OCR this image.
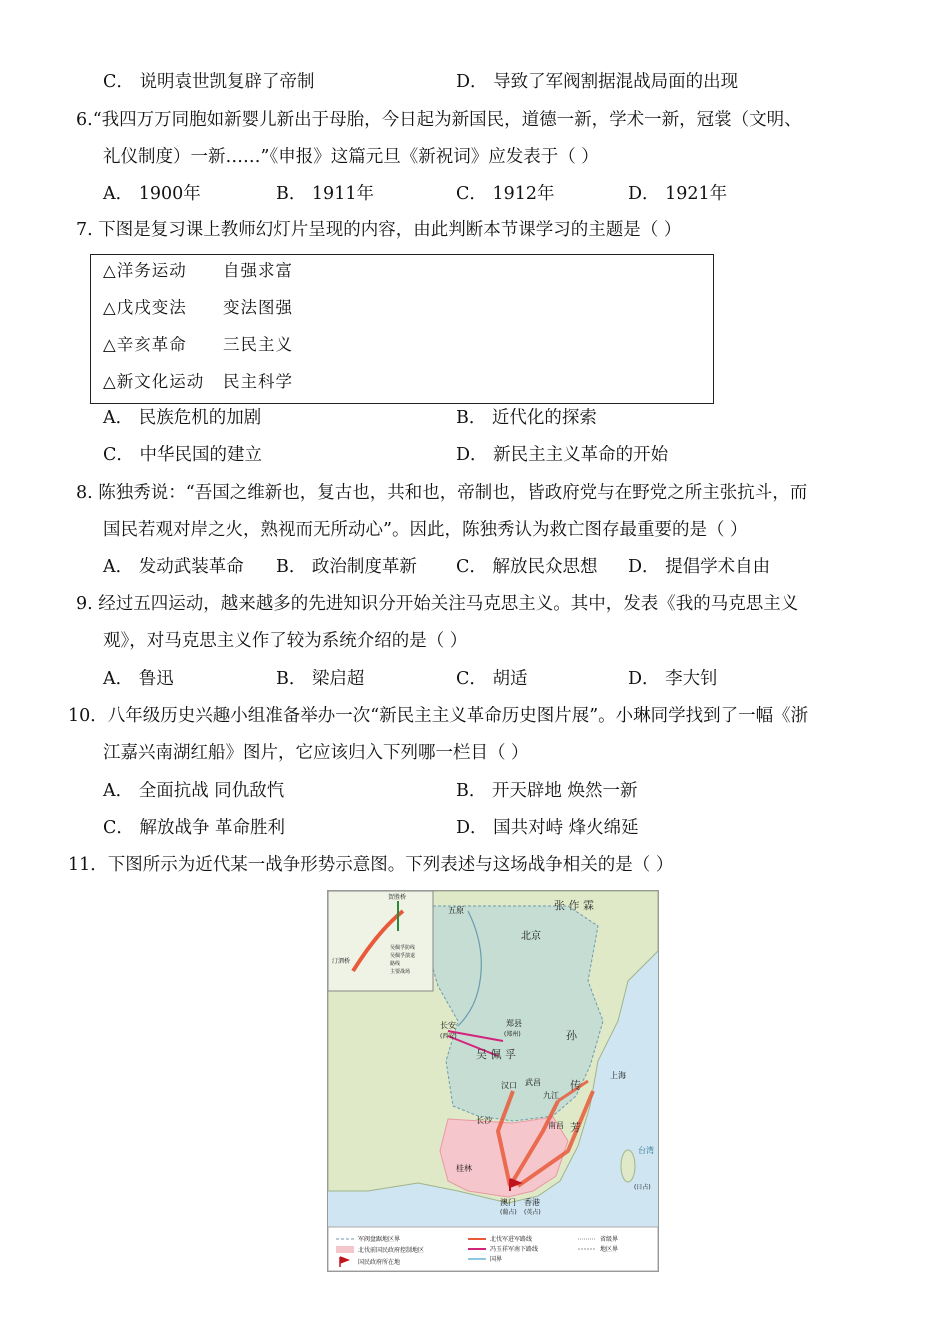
C． 说明袁世凯复辟了帝制	D． 导致了军阀割据混战局面的出现
6.“我四万万同胞如新婴儿新出于母胎，今日起为新国民，道德一新，学术一新，冠裳（文明、
礼仪制度）一新……”《申报》这篇元旦《新祝词》应发表于（ ）
A． 1900年	B． 1911年	C． 1912年	D． 1921年
7. 下图是复习课上教师幻灯片呈现的内容，由此判断本节课学习的主题是（ ）
△洋务运动 自强求富
△戊戌变法 变法图强
△辛亥革命 三民主义
△新文化运动 民主科学
A． 民族危机的加剧	B． 近代化的探索
C． 中华民国的建立	D． 新民主主义革命的开始
8. 陈独秀说：“吾国之维新也，复古也，共和也，帝制也，皆政府党与在野党之所主张抗斗，而
国民若观对岸之火，熟视而无所动心”。因此，陈独秀认为救亡图存最重要的是（ ）
A． 发动武装革命 B． 政治制度革新 C． 解放民众思想 D． 提倡学术自由
9. 经过五四运动，越来越多的先进知识分开始关注马克思主义。其中，发表《我的马克思主义
观》，对马克思主义作了较为系统介绍的是（ ）
A． 鲁迅	B． 梁启超	C． 胡适	D． 李大钊
10．八年级历史兴趣小组准备举办一次“新民主主义革命历史图片展”。小琳同学找到了一幅《浙
江嘉兴南湖红船》图片，它应该归入下列哪一栏目（ ）
A． 全面抗战 同仇敌忾	B． 开天辟地 焕然一新
C． 解放战争 革命胜利	D． 国共对峙 烽火绵延
11．下图所示为近代某一战争形势示意图。下列表述与这场战争相关的是（ ）
张 作 霖
北京
五原
长安
(西安)
郑县
(郑州)
吴 佩 孚
汉口 武昌
九江
上海
长沙
南昌
孙
传
芳
桂林
澳门
(葡占)
香港
(英占)
台湾
(日占)
贺胜桥
汀泗桥
吴佩孚防线
吴佩孚溃退
路线
主要战场
军阀盘踞地区界
北伐前国民政府控制地区
国民政府所在地
北伐军进军路线
冯玉祥军南下路线
国界
省级界
地区界
